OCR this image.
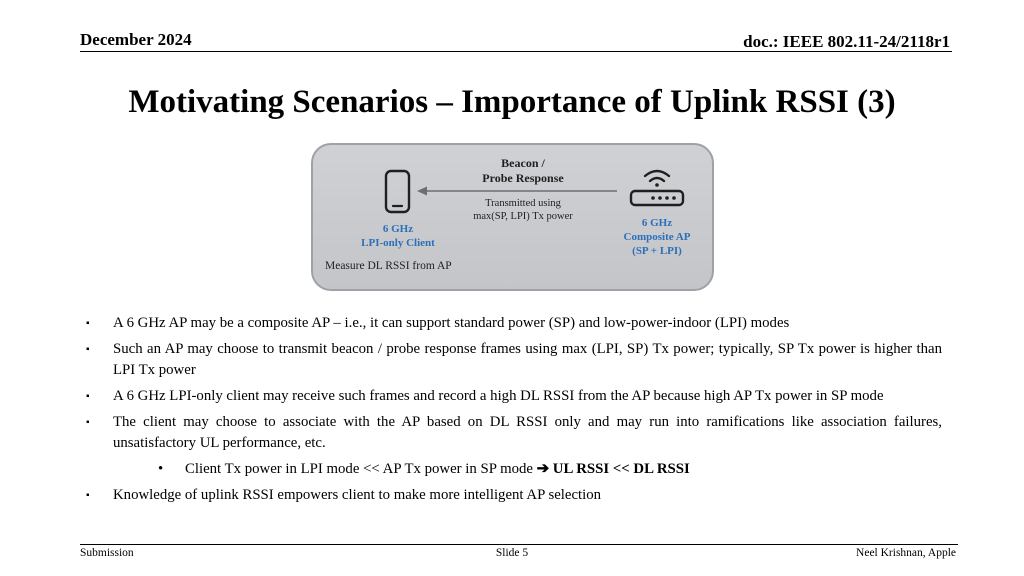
December 2024	doc.: IEEE 802.11-24/2118r1
Motivating Scenarios – Importance of Uplink RSSI (3)
Beacon /
Probe Response
Transmitted using
max(SP, LPI) Tx power
6 GHz
LPI-only Client
6 GHz
Composite AP
(SP + LPI)
Measure DL RSSI from AP
▪ A 6 GHz AP may be a composite AP – i.e., it can support standard power (SP) and low-power-indoor (LPI) modes
▪ Such an AP may choose to transmit beacon / probe response frames using max (LPI, SP) Tx power; typically, SP Tx power is higher than LPI Tx power
▪ A 6 GHz LPI-only client may receive such frames and record a high DL RSSI from the AP because high AP Tx power in SP mode
▪ The client may choose to associate with the AP based on DL RSSI only and may run into ramifications like association failures, unsatisfactory UL performance, etc.
• Client Tx power in LPI mode << AP Tx power in SP mode ➔ UL RSSI << DL RSSI
▪ Knowledge of uplink RSSI empowers client to make more intelligent AP selection
Submission	Slide 5	Neel Krishnan, Apple
